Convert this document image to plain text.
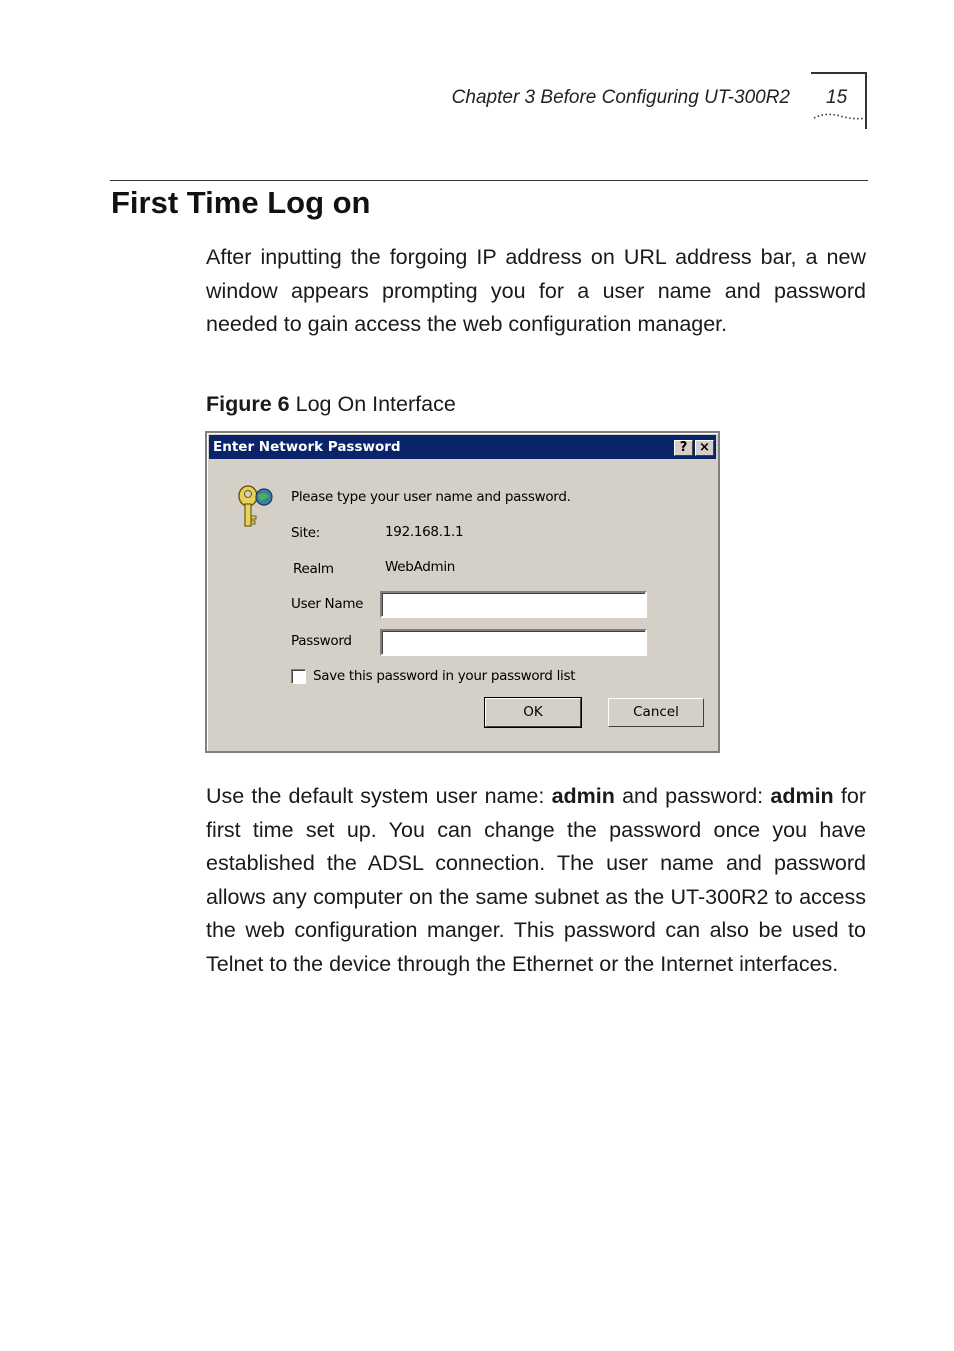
Chapter 3 Before Configuring UT-300R2 15
First Time Log on

After inputting the forgoing IP address on URL address bar, a new window appears prompting you for a user name and password needed to gain access the web configuration manager.

Figure 6 Log On Interface
Enter Network Password	? ×
Please type your user name and password.
Site:	192.168.1.1
Realm	WebAdmin
User Name
Password
Save this password in your password list
OK	Cancel

Use the default system user name: admin and password: admin for first time set up. You can change the password once you have established the ADSL connection. The user name and password allows any computer on the same subnet as the UT-300R2 to access the web configuration manger. This password can also be used to Telnet to the device through the Ethernet or the Internet interfaces.
